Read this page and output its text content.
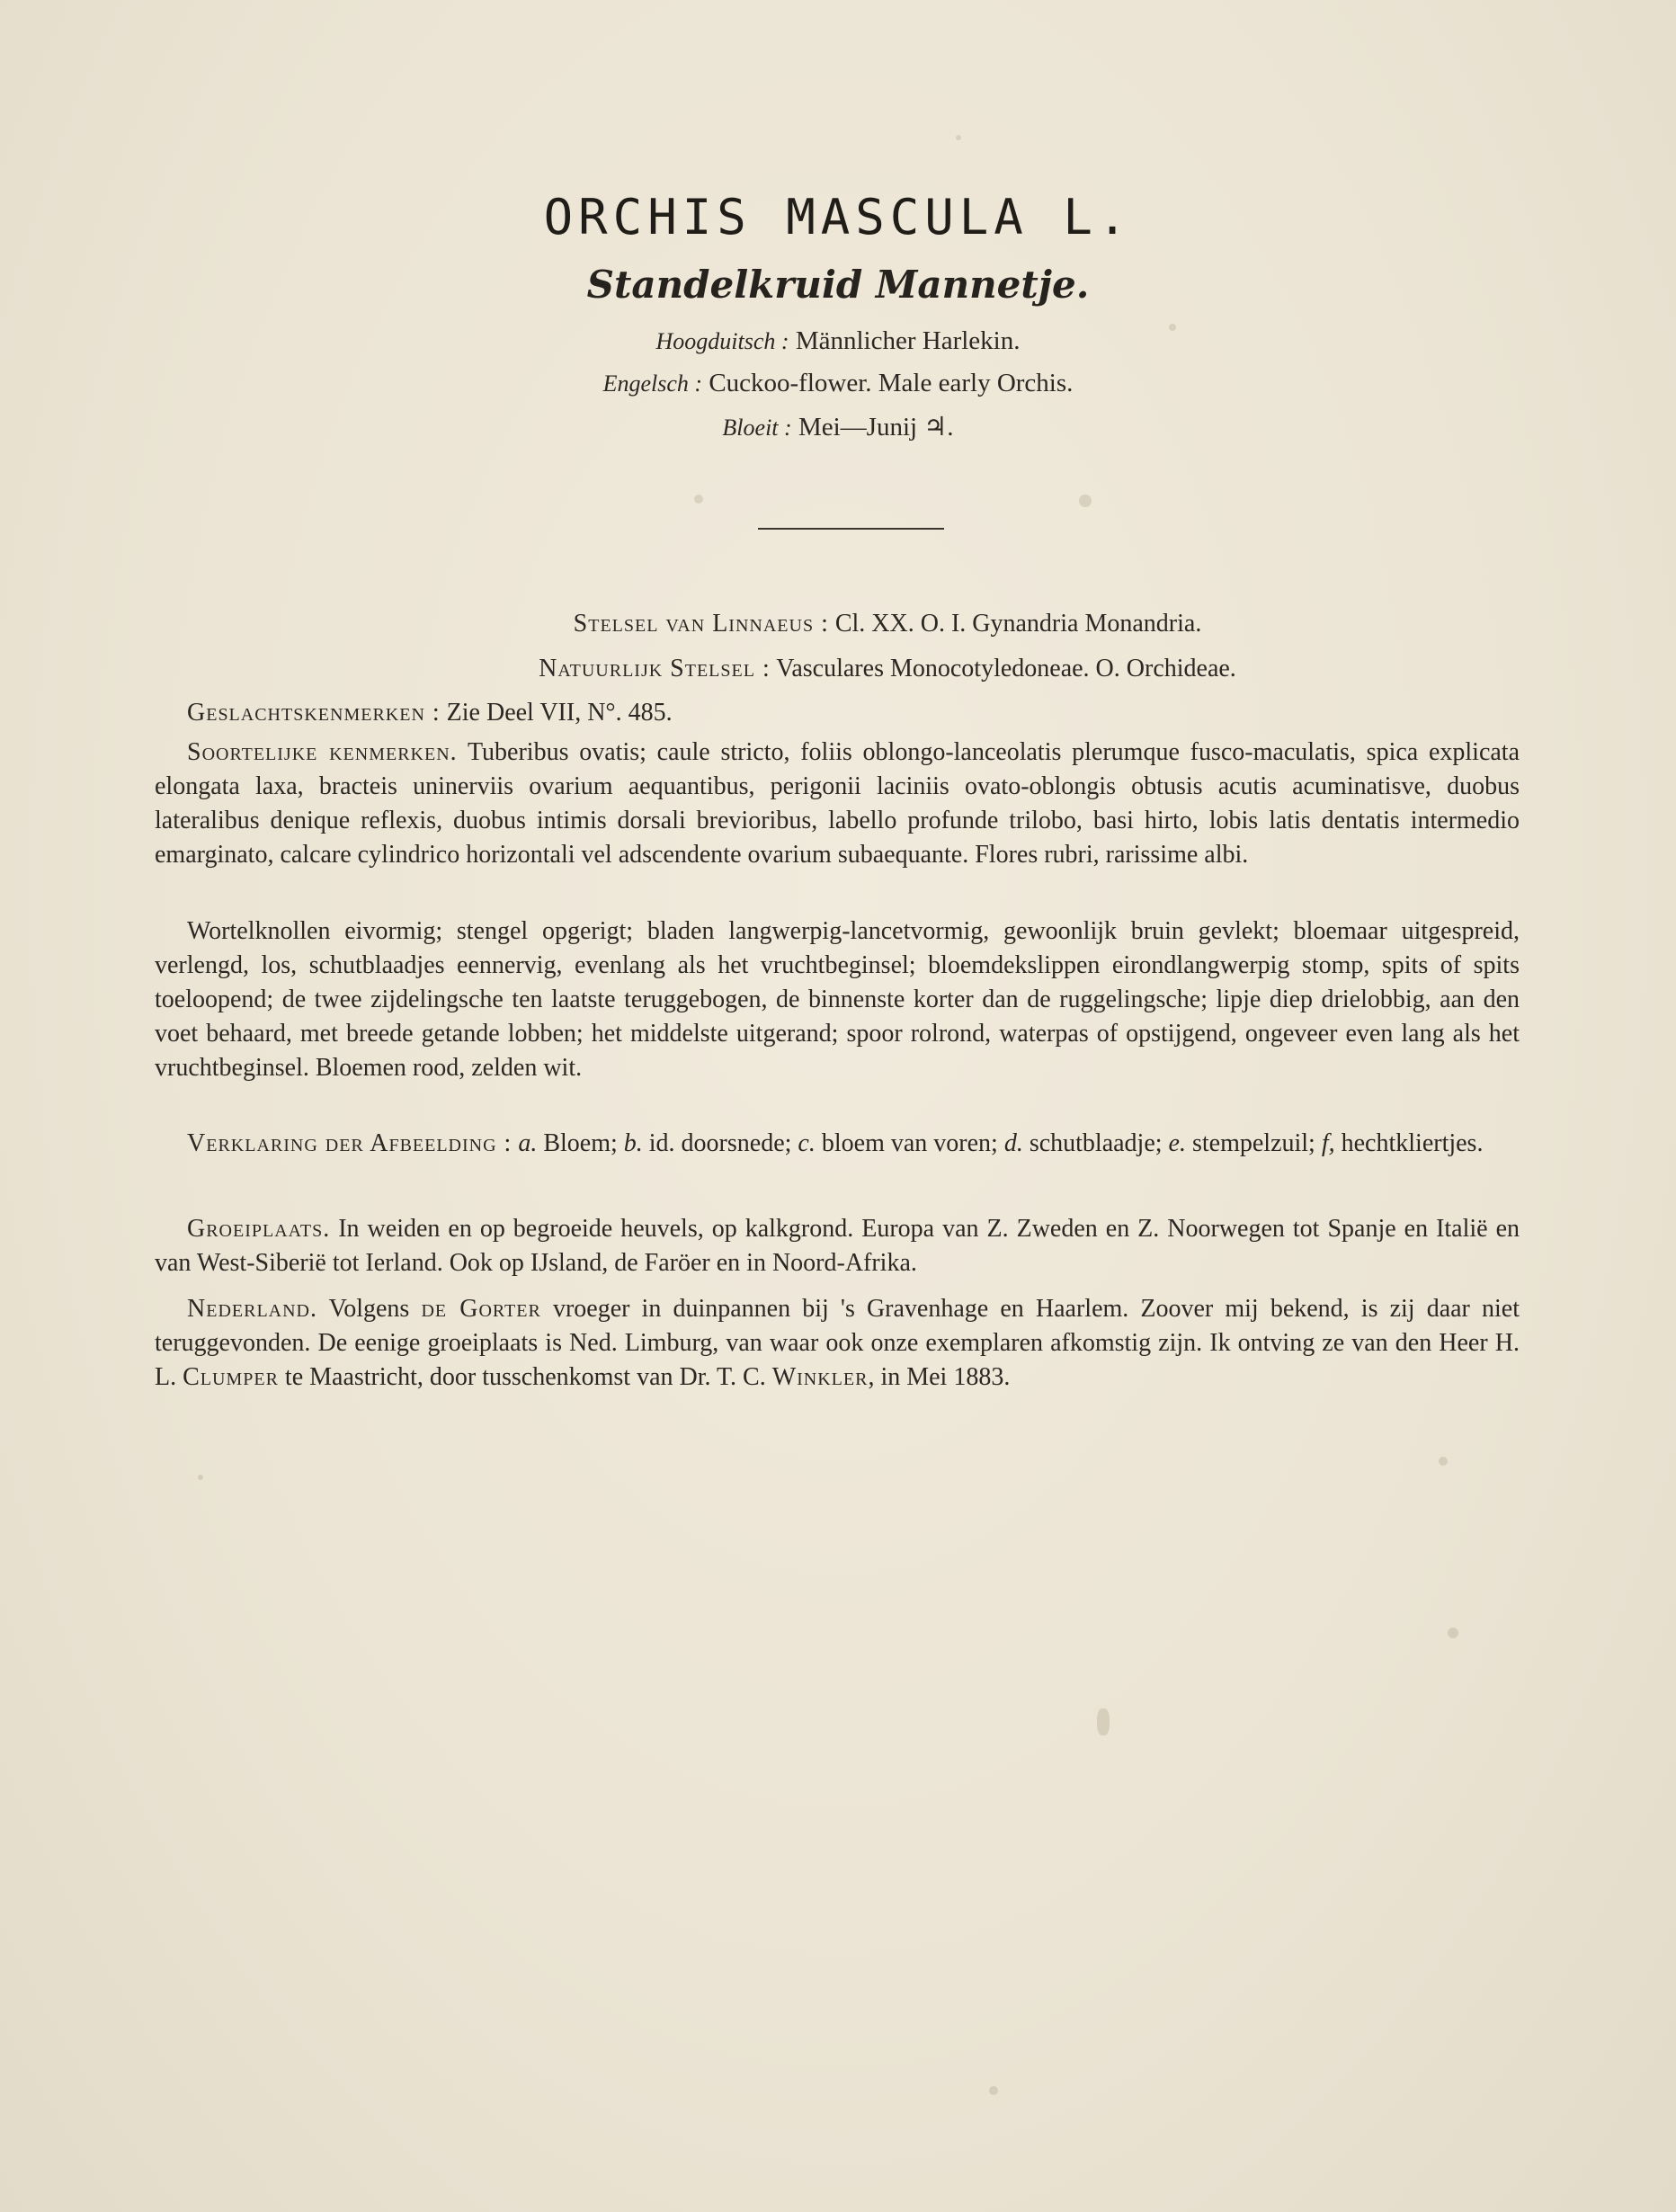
ORCHIS MASCULA L.
Standelkruid Mannetje.
Hoogduitsch : Männlicher Harlekin.
Engelsch : Cuckoo-flower. Male early Orchis.
Bloeit : Mei—Junij ♃.
Stelsel van Linnaeus : Cl. XX. O. I. Gynandria Monandria.
Natuurlijk Stelsel : Vasculares Monocotyledoneae. O. Orchideae.
Geslachtskenmerken : Zie Deel VII, N°. 485.
Soortelijke kenmerken. Tuberibus ovatis; caule stricto, foliis oblongo-lanceolatis plerumque fusco-maculatis, spica explicata elongata laxa, bracteis uninerviis ovarium aequantibus, perigonii laciniis ovato-oblongis obtusis acutis acuminatisve, duobus lateralibus denique reflexis, duobus intimis dorsali brevioribus, labello profunde trilobo, basi hirto, lobis latis dentatis intermedio emarginato, calcare cylindrico horizontali vel adscendente ovarium subaequante. Flores rubri, rarissime albi.
Wortelknollen eivormig; stengel opgerigt; bladen langwerpig-lancetvormig, gewoonlijk bruin gevlekt; bloemaar uitgespreid, verlengd, los, schutblaadjes eennervig, evenlang als het vruchtbeginsel; bloemdekslippen eirondlangwerpig stomp, spits of spits toeloopend; de twee zijdelingsche ten laatste teruggebogen, de binnenste korter dan de ruggelingsche; lipje diep drielobbig, aan den voet behaard, met breede getande lobben; het middelste uitgerand; spoor rolrond, waterpas of opstijgend, ongeveer even lang als het vruchtbeginsel. Bloemen rood, zelden wit.
Verklaring der Afbeelding : a. Bloem; b. id. doorsnede; c. bloem van voren; d. schutblaadje; e. stempelzuil; f, hechtkliertjes.
Groeiplaats. In weiden en op begroeide heuvels, op kalkgrond. Europa van Z. Zweden en Z. Noorwegen tot Spanje en Italië en van West-Siberië tot Ierland. Ook op IJsland, de Faröer en in Noord-Afrika.
Nederland. Volgens de Gorter vroeger in duinpannen bij 's Gravenhage en Haarlem. Zoover mij bekend, is zij daar niet teruggevonden. De eenige groeiplaats is Ned. Limburg, van waar ook onze exemplaren afkomstig zijn. Ik ontving ze van den Heer H. L. Clumper te Maastricht, door tusschenkomst van Dr. T. C. Winkler, in Mei 1883.
